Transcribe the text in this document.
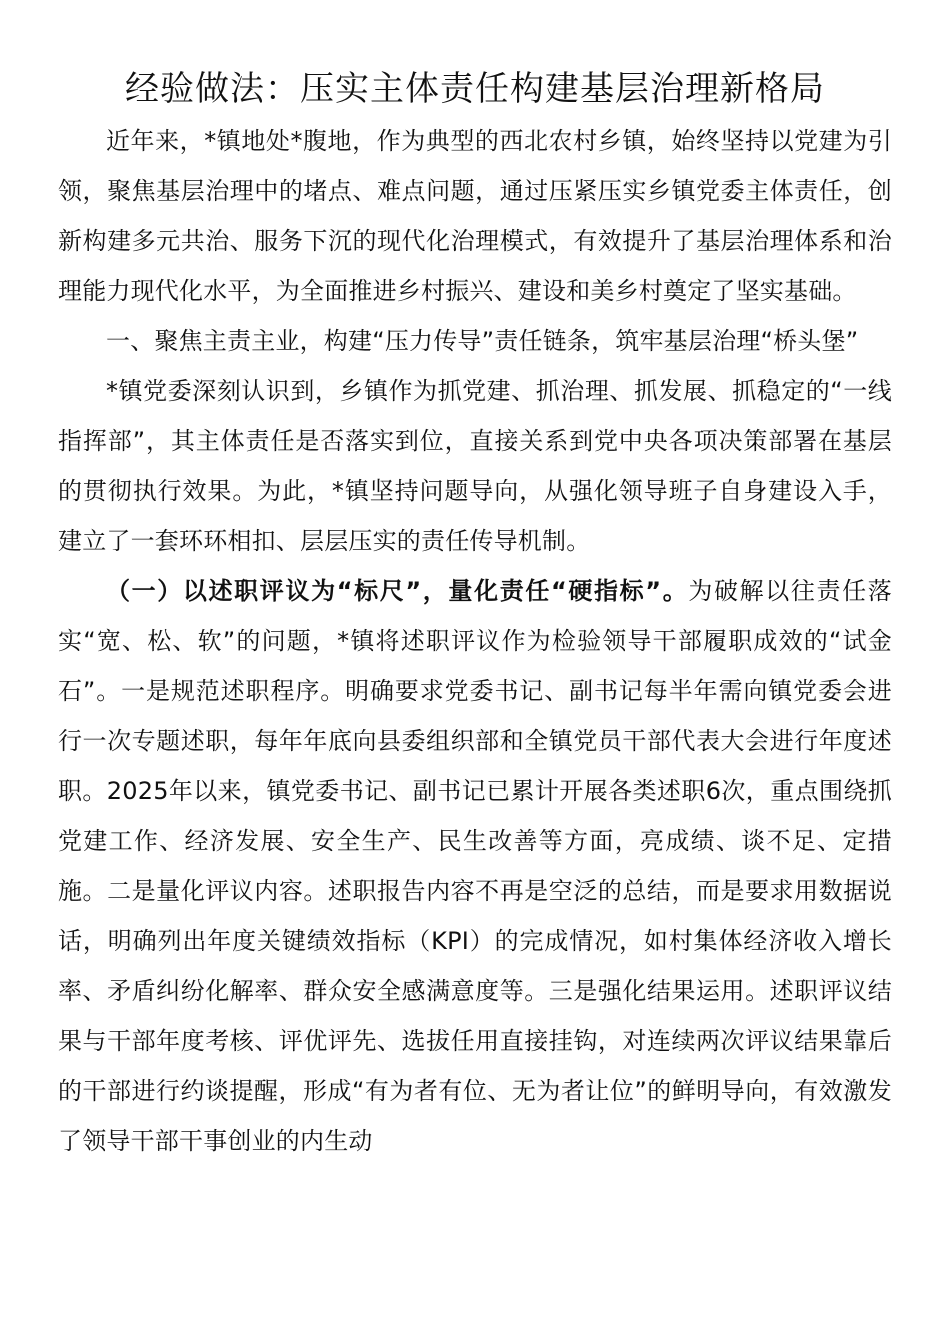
经验做法：压实主体责任构建基层治理新格局

近年来，*镇地处*腹地，作为典型的西北农村乡镇，始终坚持以党建为引领，聚焦基层治理中的堵点、难点问题，通过压紧压实乡镇党委主体责任，创新构建多元共治、服务下沉的现代化治理模式，有效提升了基层治理体系和治理能力现代化水平，为全面推进乡村振兴、建设和美乡村奠定了坚实基础。

一、聚焦主责主业，构建“压力传导”责任链条，筑牢基层治理“桥头堡”

*镇党委深刻认识到，乡镇作为抓党建、抓治理、抓发展、抓稳定的“一线指挥部”，其主体责任是否落实到位，直接关系到党中央各项决策部署在基层的贯彻执行效果。为此，*镇坚持问题导向，从强化领导班子自身建设入手，建立了一套环环相扣、层层压实的责任传导机制。

（一）以述职评议为“标尺”，量化责任“硬指标”。为破解以往责任落实“宽、松、软”的问题，*镇将述职评议作为检验领导干部履职成效的“试金石”。一是规范述职程序。明确要求党委书记、副书记每半年需向镇党委会进行一次专题述职，每年年底向县委组织部和全镇党员干部代表大会进行年度述职。2025年以来，镇党委书记、副书记已累计开展各类述职6次，重点围绕抓党建工作、经济发展、安全生产、民生改善等方面，亮成绩、谈不足、定措施。二是量化评议内容。述职报告内容不再是空泛的总结，而是要求用数据说话，明确列出年度关键绩效指标（KPI）的完成情况，如村集体经济收入增长率、矛盾纠纷化解率、群众安全感满意度等。三是强化结果运用。述职评议结果与干部年度考核、评优评先、选拔任用直接挂钩，对连续两次评议结果靠后的干部进行约谈提醒，形成“有为者有位、无为者让位”的鲜明导向，有效激发了领导干部干事创业的内生动
